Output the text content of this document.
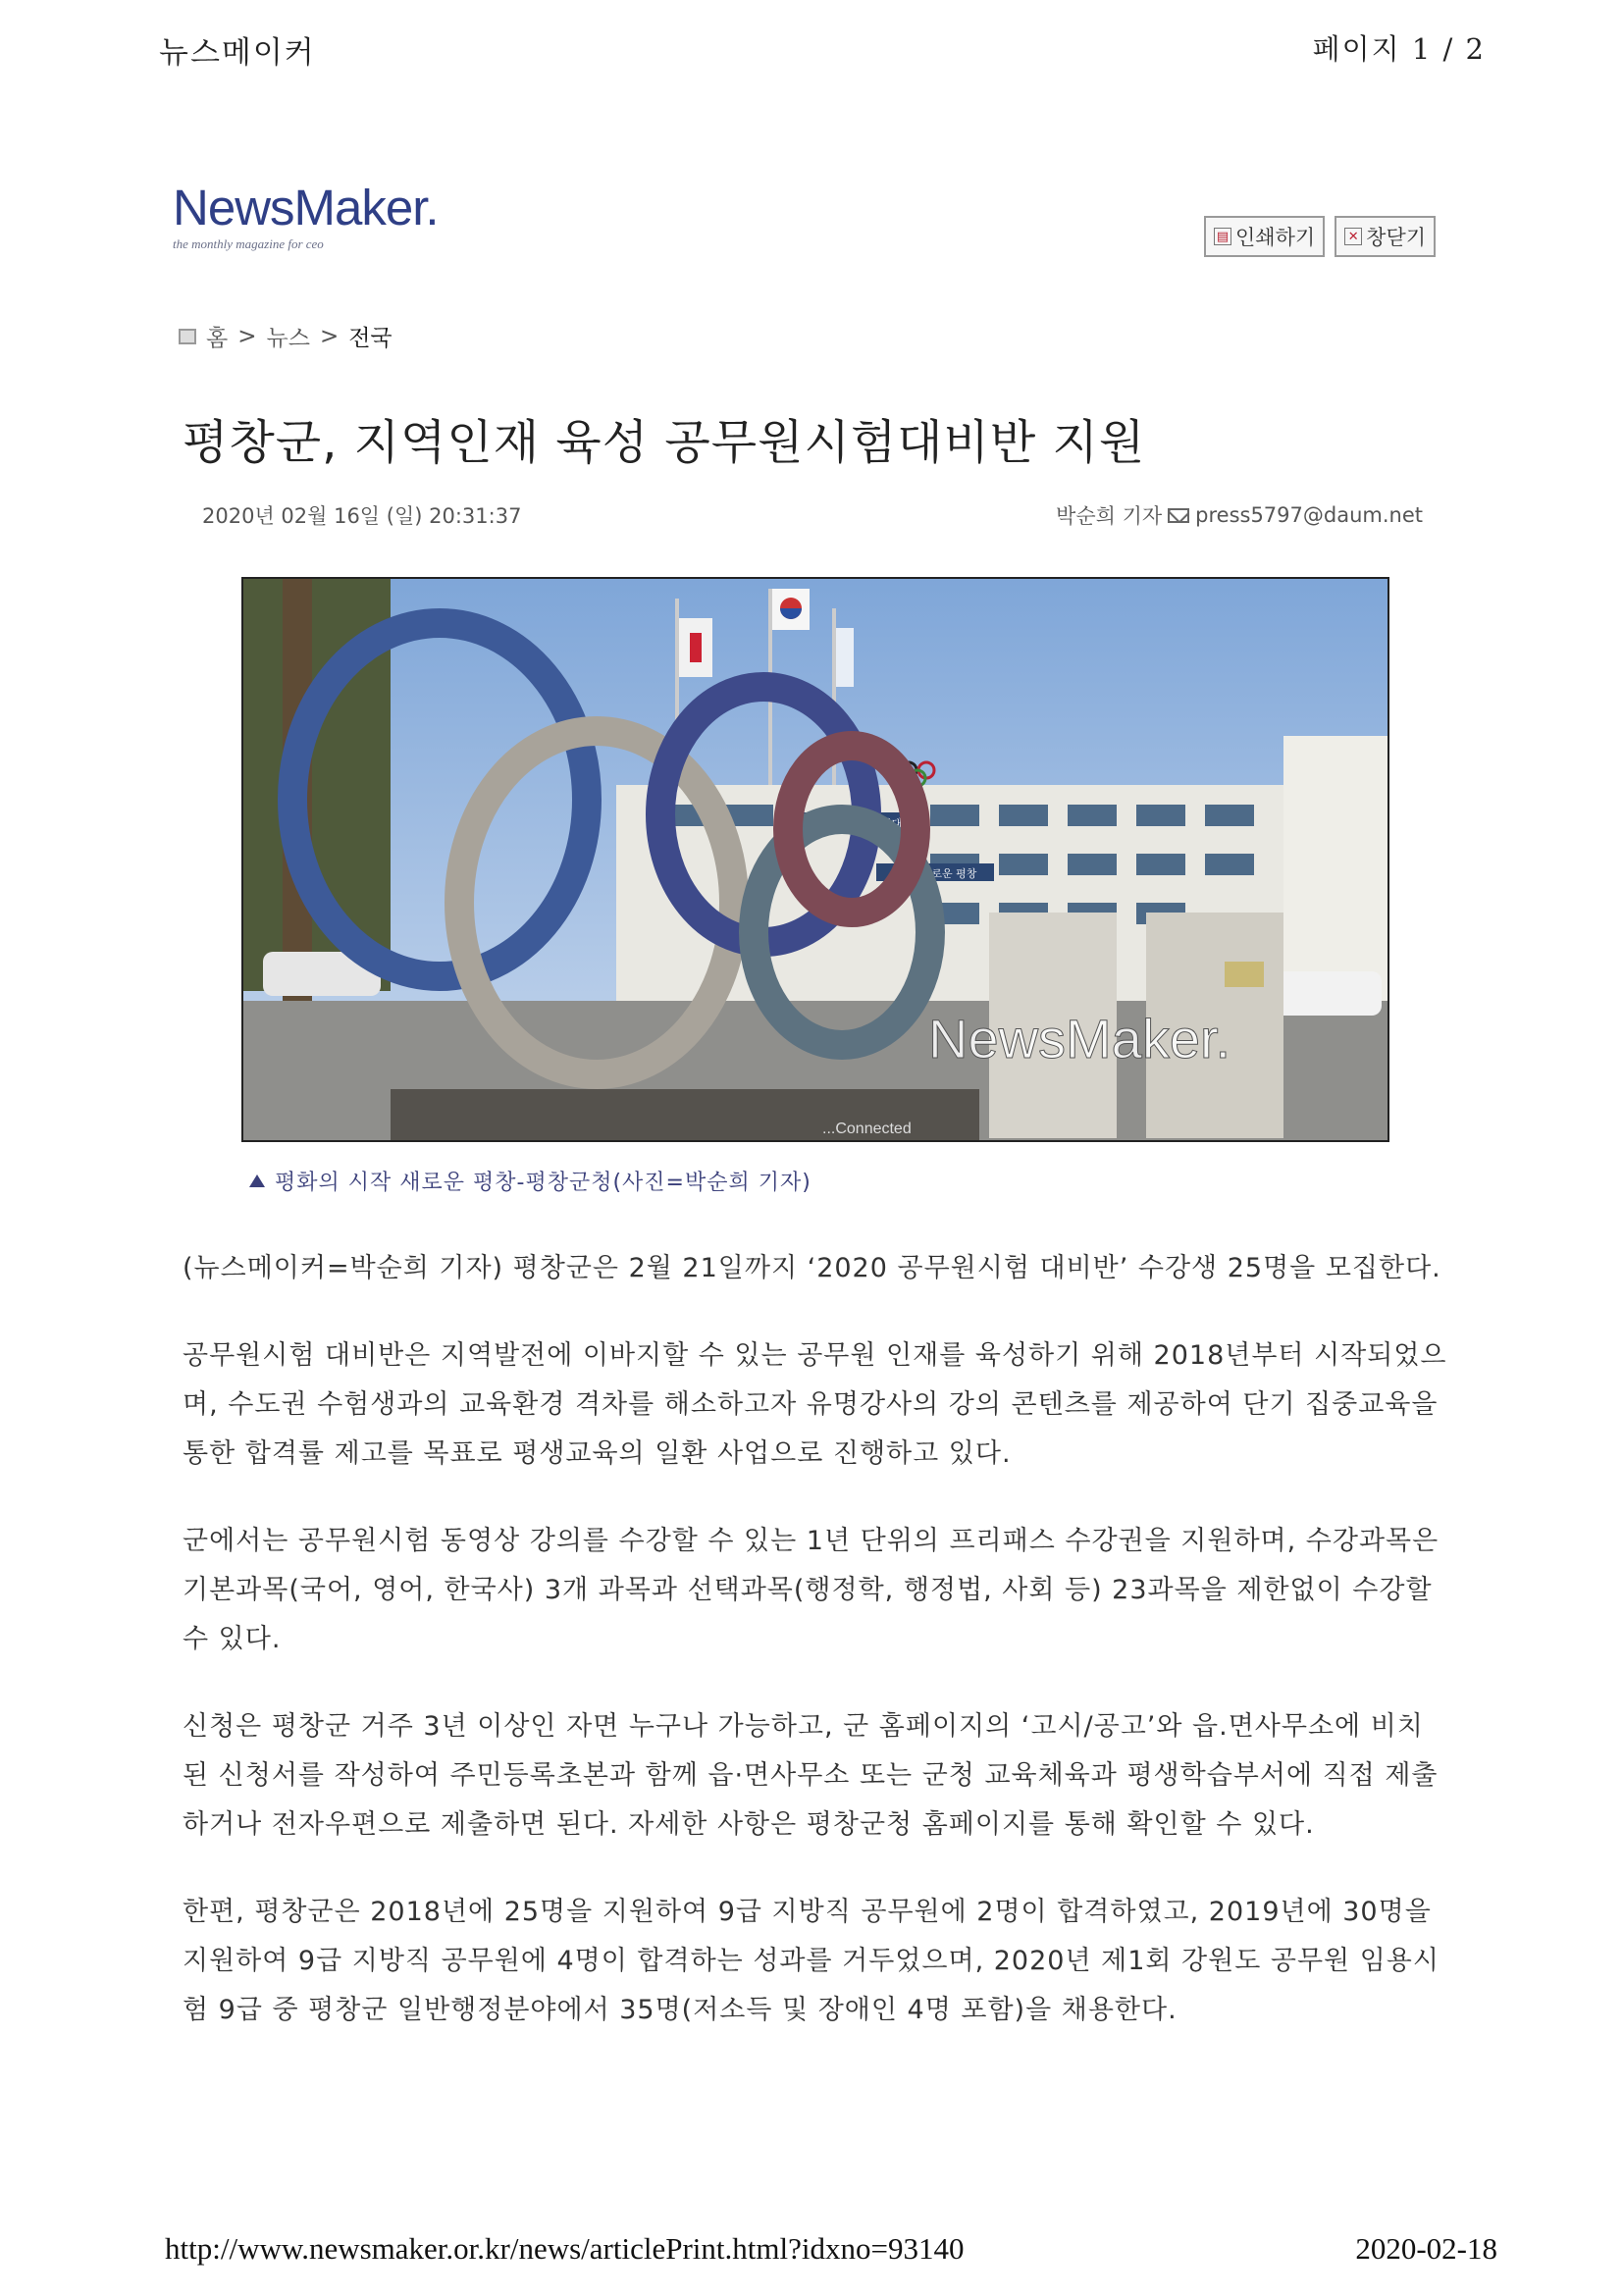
뉴스메이커	페이지 1 / 2
NewsMaker.
the monthly magazine for ceo	▤ 인쇄하기	✕ 창닫기
홈 > 뉴스 > 전국
평창군, 지역인재 육성 공무원시험대비반 지원
2020년 02월 16일 (일) 20:31:37	박순희 기자 press5797@daum.net
평화와 번영 강원시대
시작, 새로운 평창
...Connected
NewsMaker.
평화의 시작 새로운 평창-평창군청(사진=박순희 기자)

(뉴스메이커=박순희 기자) 평창군은 2월 21일까지 ‘2020 공무원시험 대비반’ 수강생 25명을 모집한다.

공무원시험 대비반은 지역발전에 이바지할 수 있는 공무원 인재를 육성하기 위해 2018년부터 시작되었으며, 수도권 수험생과의 교육환경 격차를 해소하고자 유명강사의 강의 콘텐츠를 제공하여 단기 집중교육을 통한 합격률 제고를 목표로 평생교육의 일환 사업으로 진행하고 있다.

군에서는 공무원시험 동영상 강의를 수강할 수 있는 1년 단위의 프리패스 수강권을 지원하며, 수강과목은 기본과목(국어, 영어, 한국사) 3개 과목과 선택과목(행정학, 행정법, 사회 등) 23과목을 제한없이 수강할 수 있다.

신청은 평창군 거주 3년 이상인 자면 누구나 가능하고, 군 홈페이지의 ‘고시/공고’와 읍.면사무소에 비치된 신청서를 작성하여 주민등록초본과 함께 읍·면사무소 또는 군청 교육체육과 평생학습부서에 직접 제출하거나 전자우편으로 제출하면 된다. 자세한 사항은 평창군청 홈페이지를 통해 확인할 수 있다.

한편, 평창군은 2018년에 25명을 지원하여 9급 지방직 공무원에 2명이 합격하였고, 2019년에 30명을 지원하여 9급 지방직 공무원에 4명이 합격하는 성과를 거두었으며, 2020년 제1회 강원도 공무원 임용시험 9급 중 평창군 일반행정분야에서 35명(저소득 및 장애인 4명 포함)을 채용한다.

http://www.newsmaker.or.kr/news/articlePrint.html?idxno=93140	2020-02-18
